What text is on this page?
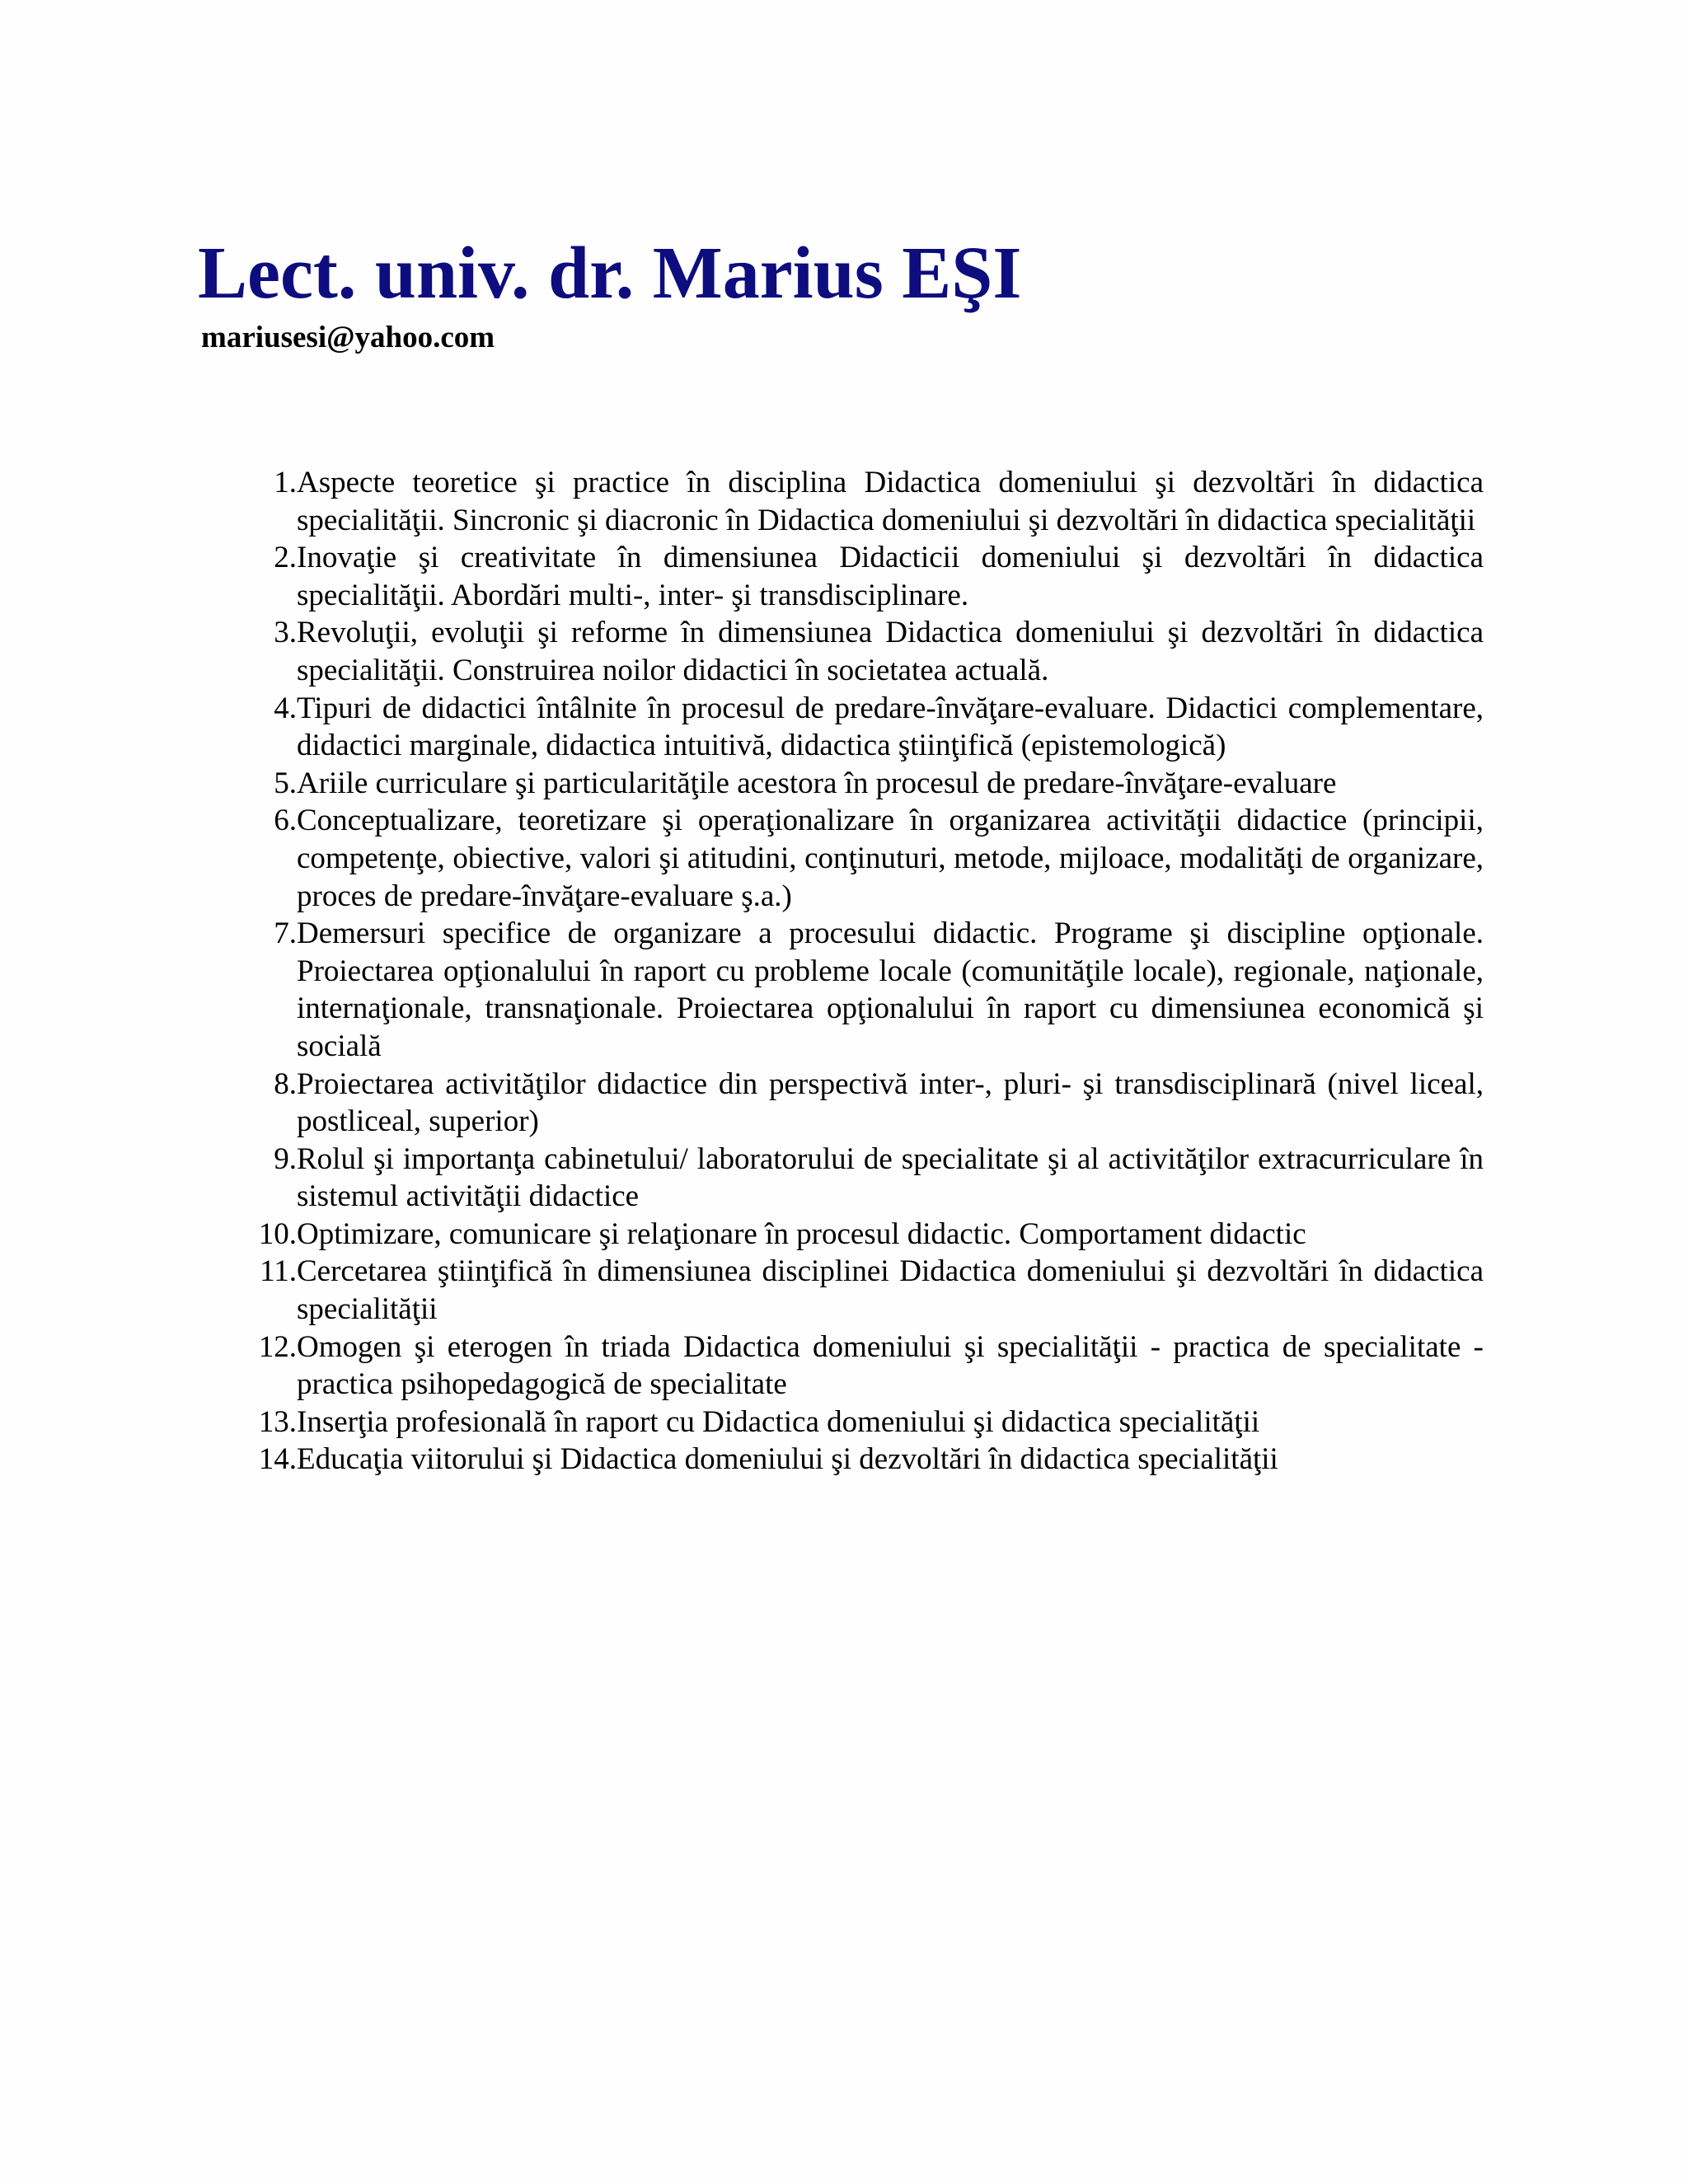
Lect. univ. dr. Marius EŞI
mariusesi@yahoo.com
1. Aspecte teoretice şi practice în disciplina Didactica domeniului şi dezvoltări în didactica specialităţii. Sincronic şi diacronic în Didactica domeniului şi dezvoltări în didactica specialităţii
2. Inovaţie şi creativitate în dimensiunea Didacticii domeniului şi dezvoltări în didactica specialităţii. Abordări multi-, inter- şi transdisciplinare.
3. Revoluţii, evoluţii şi reforme în dimensiunea Didactica domeniului şi dezvoltări în didactica specialităţii. Construirea noilor didactici în societatea actuală.
4. Tipuri de didactici întâlnite în procesul de predare-învăţare-evaluare. Didactici complementare, didactici marginale, didactica intuitivă, didactica ştiinţifică (epistemologică)
5. Ariile curriculare şi particularităţile acestora în procesul de predare-învăţare-evaluare
6. Conceptualizare, teoretizare şi operaţionalizare în organizarea activităţii didactice (principii, competenţe, obiective, valori şi atitudini, conţinuturi, metode, mijloace, modalităţi de organizare, proces de predare-învăţare-evaluare ş.a.)
7. Demersuri specifice de organizare a procesului didactic. Programe şi discipline opţionale. Proiectarea opţionalului în raport cu probleme locale (comunităţile locale), regionale, naţionale, internaţionale, transnaţionale. Proiectarea opţionalului în raport cu dimensiunea economică şi socială
8. Proiectarea activităţilor didactice din perspectivă inter-, pluri- şi transdisciplinară (nivel liceal, postliceal, superior)
9. Rolul şi importanţa cabinetului/ laboratorului de specialitate şi al activităţilor extracurriculare în sistemul activităţii didactice
10. Optimizare, comunicare şi relaţionare în procesul didactic. Comportament didactic
11. Cercetarea ştiinţifică în dimensiunea disciplinei Didactica domeniului şi dezvoltări în didactica specialităţii
12. Omogen şi eterogen în triada Didactica domeniului şi specialităţii - practica de specialitate - practica psihopedagogică de specialitate
13. Inserţia profesională în raport cu Didactica domeniului şi didactica specialităţii
14. Educaţia viitorului şi Didactica domeniului şi dezvoltări în didactica specialităţii
